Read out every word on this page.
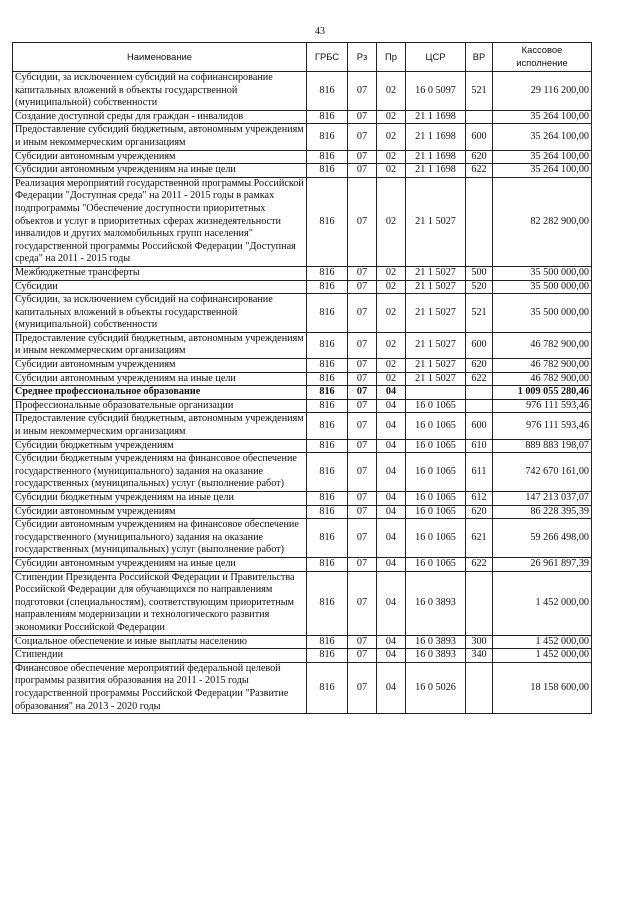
43
Наименование	ГРБС	Рз	Пр	ЦСР	ВР	Кассовое исполнение
Субсидии, за исключением субсидий на софинансирование капитальных вложений в объекты государственной (муниципальной) собственности	816	07	02	16 0 5097	521	29 116 200,00
Создание доступной среды для граждан - инвалидов	816	07	02	21 1 1698		35 264 100,00
Предоставление субсидий бюджетным, автономным учреждениям и иным некоммерческим организациям	816	07	02	21 1 1698	600	35 264 100,00
Субсидии автономным учреждениям	816	07	02	21 1 1698	620	35 264 100,00
Субсидии автономным учреждениям на иные цели	816	07	02	21 1 1698	622	35 264 100,00
Реализация мероприятий государственной программы Российской Федерации "Доступная среда" на 2011 - 2015 годы в рамках подпрограммы "Обеспечение доступности приоритетных объектов и услуг в приоритетных сферах жизнедеятельности инвалидов и других маломобильных групп населения" государственной программы Российской Федерации "Доступная среда" на 2011 - 2015 годы	816	07	02	21 1 5027		82 282 900,00
Межбюджетные трансферты	816	07	02	21 1 5027	500	35 500 000,00
Субсидии	816	07	02	21 1 5027	520	35 500 000,00
Субсидии, за исключением субсидий на софинансирование капитальных вложений в объекты государственной (муниципальной) собственности	816	07	02	21 1 5027	521	35 500 000,00
Предоставление субсидий бюджетным, автономным учреждениям и иным некоммерческим организациям	816	07	02	21 1 5027	600	46 782 900,00
Субсидии автономным учреждениям	816	07	02	21 1 5027	620	46 782 900,00
Субсидии автономным учреждениям на иные цели	816	07	02	21 1 5027	622	46 782 900,00
Среднее профессиональное образование	816	07	04			1 009 055 280,46
Профессиональные образовательные организации	816	07	04	16 0 1065		976 111 593,46
Предоставление субсидий бюджетным, автономным учреждениям и иным некоммерческим организациям	816	07	04	16 0 1065	600	976 111 593,46
Субсидии бюджетным учреждениям	816	07	04	16 0 1065	610	889 883 198,07
Субсидии бюджетным учреждениям на финансовое обеспечение государственного (муниципального) задания на оказание государственных (муниципальных) услуг (выполнение работ)	816	07	04	16 0 1065	611	742 670 161,00
Субсидии бюджетным учреждениям на иные цели	816	07	04	16 0 1065	612	147 213 037,07
Субсидии автономным учреждениям	816	07	04	16 0 1065	620	86 228 395,39
Субсидии автономным учреждениям на финансовое обеспечение государственного (муниципального) задания на оказание государственных (муниципальных) услуг (выполнение работ)	816	07	04	16 0 1065	621	59 266 498,00
Субсидии автономным учреждениям на иные цели	816	07	04	16 0 1065	622	26 961 897,39
Стипендии Президента Российской Федерации и Правительства Российской Федерации для обучающихся по направлениям подготовки (специальностям), соответствующим приоритетным направлениям модернизации и технологического развития экономики Российской Федерации	816	07	04	16 0 3893		1 452 000,00
Социальное обеспечение и иные выплаты населению	816	07	04	16 0 3893	300	1 452 000,00
Стипендии	816	07	04	16 0 3893	340	1 452 000,00
Финансовое обеспечение мероприятий федеральной целевой программы развития образования на 2011 - 2015 годы государственной программы Российской Федерации "Развитие образования" на 2013 - 2020 годы	816	07	04	16 0 5026		18 158 600,00
